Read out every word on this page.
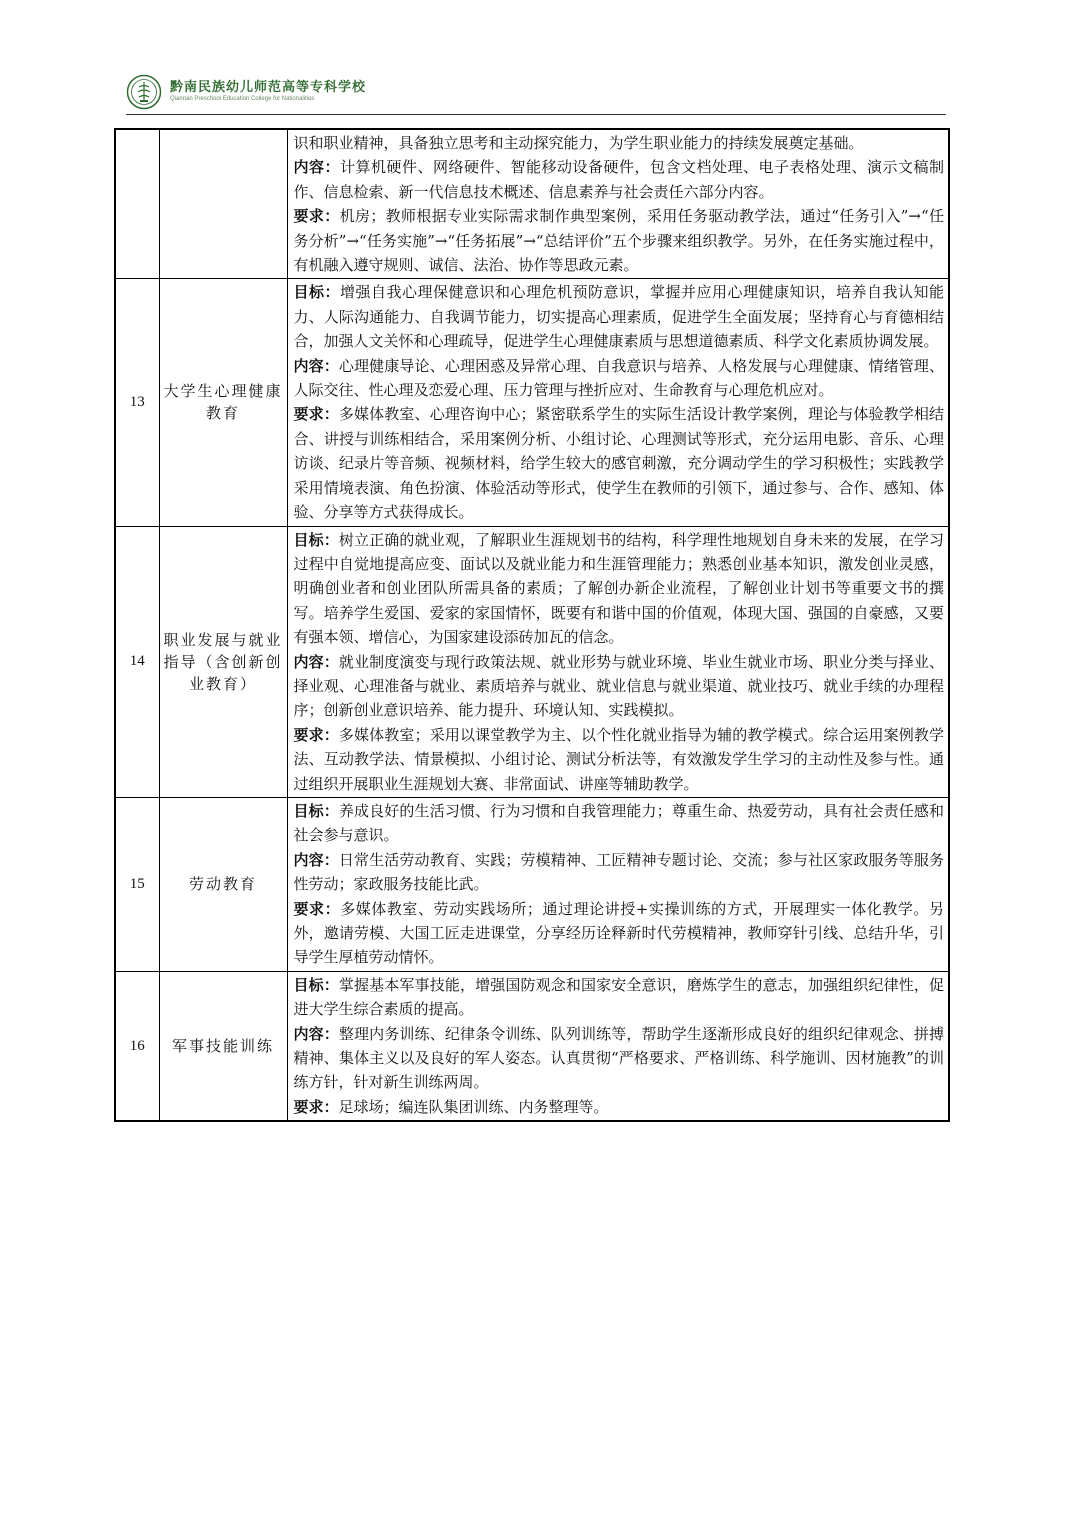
黔南民族幼儿师范高等专科学校
Qiannan Preschool Education College for Nationalities

		识和职业精神，具备独立思考和主动探究能力，为学生职业能力的持续发展奠定基础。

内容：计算机硬件、网络硬件、智能移动设备硬件，包含文档处理、电子表格处理、演示文稿制作、信息检索、新一代信息技术概述、信息素养与社会责任六部分内容。

要求：机房；教师根据专业实际需求制作典型案例，采用任务驱动教学法，通过“任务引入”→“任务分析”→“任务实施”→“任务拓展”→“总结评价”五个步骤来组织教学。另外，在任务实施过程中，有机融入遵守规则、诚信、法治、协作等思政元素。

13	大学生心理健康教育	目标：增强自我心理保健意识和心理危机预防意识，掌握并应用心理健康知识，培养自我认知能力、人际沟通能力、自我调节能力，切实提高心理素质，促进学生全面发展；坚持育心与育德相结合，加强人文关怀和心理疏导，促进学生心理健康素质与思想道德素质、科学文化素质协调发展。

内容：心理健康导论、心理困惑及异常心理、自我意识与培养、人格发展与心理健康、情绪管理、人际交往、性心理及恋爱心理、压力管理与挫折应对、生命教育与心理危机应对。

要求：多媒体教室、心理咨询中心；紧密联系学生的实际生活设计教学案例，理论与体验教学相结合、讲授与训练相结合，采用案例分析、小组讨论、心理测试等形式，充分运用电影、音乐、心理访谈、纪录片等音频、视频材料，给学生较大的感官刺激，充分调动学生的学习积极性；实践教学采用情境表演、角色扮演、体验活动等形式，使学生在教师的引领下，通过参与、合作、感知、体验、分享等方式获得成长。

14	职业发展与就业指导（含创新创业教育）	目标：树立正确的就业观，了解职业生涯规划书的结构，科学理性地规划自身未来的发展，在学习过程中自觉地提高应变、面试以及就业能力和生涯管理能力；熟悉创业基本知识，激发创业灵感，明确创业者和创业团队所需具备的素质；了解创办新企业流程，了解创业计划书等重要文书的撰写。培养学生爱国、爱家的家国情怀，既要有和谐中国的价值观，体现大国、强国的自豪感，又要有强本领、增信心，为国家建设添砖加瓦的信念。

内容：就业制度演变与现行政策法规、就业形势与就业环境、毕业生就业市场、职业分类与择业、择业观、心理准备与就业、素质培养与就业、就业信息与就业渠道、就业技巧、就业手续的办理程序；创新创业意识培养、能力提升、环境认知、实践模拟。

要求：多媒体教室；采用以课堂教学为主、以个性化就业指导为辅的教学模式。综合运用案例教学法、互动教学法、情景模拟、小组讨论、测试分析法等，有效激发学生学习的主动性及参与性。通过组织开展职业生涯规划大赛、非常面试、讲座等辅助教学。

15	劳动教育	目标：养成良好的生活习惯、行为习惯和自我管理能力；尊重生命、热爱劳动，具有社会责任感和社会参与意识。

内容：日常生活劳动教育、实践；劳模精神、工匠精神专题讨论、交流；参与社区家政服务等服务性劳动；家政服务技能比武。

要求：多媒体教室、劳动实践场所；通过理论讲授+实操训练的方式，开展理实一体化教学。另外，邀请劳模、大国工匠走进课堂，分享经历诠释新时代劳模精神，教师穿针引线、总结升华，引导学生厚植劳动情怀。

16	军事技能训练	目标：掌握基本军事技能，增强国防观念和国家安全意识，磨炼学生的意志，加强组织纪律性，促进大学生综合素质的提高。

内容：整理内务训练、纪律条令训练、队列训练等，帮助学生逐渐形成良好的组织纪律观念、拼搏精神、集体主义以及良好的军人姿态。认真贯彻“严格要求、严格训练、科学施训、因材施教”的训练方针，针对新生训练两周。

要求：足球场；编连队集团训练、内务整理等。
